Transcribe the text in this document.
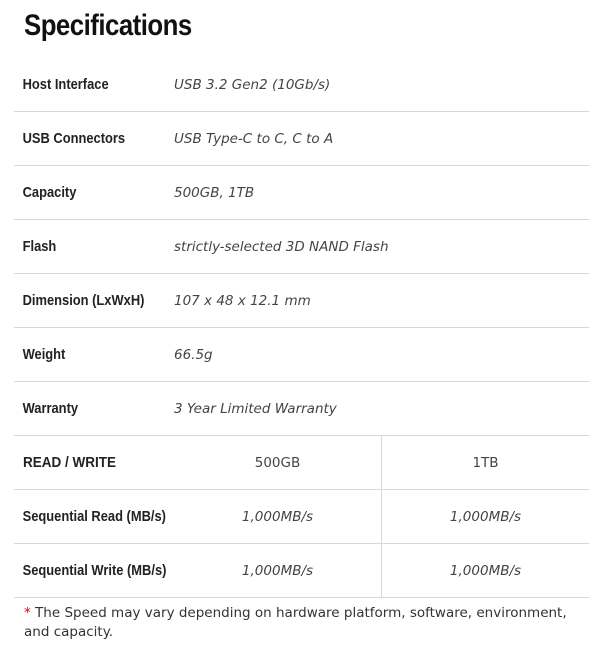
Specifications
Host Interface	USB 3.2 Gen2 (10Gb/s)
USB Connectors	USB Type-C to C, C to A
Capacity	500GB, 1TB
Flash	strictly-selected 3D NAND Flash
Dimension (LxWxH)	107 x 48 x 12.1 mm
Weight	66.5g
Warranty	3 Year Limited Warranty
READ / WRITE	500GB	1TB
Sequential Read (MB/s)	1,000MB/s	1,000MB/s
Sequential Write (MB/s)	1,000MB/s	1,000MB/s
* The Speed may vary depending on hardware platform, software, environment, and capacity.
